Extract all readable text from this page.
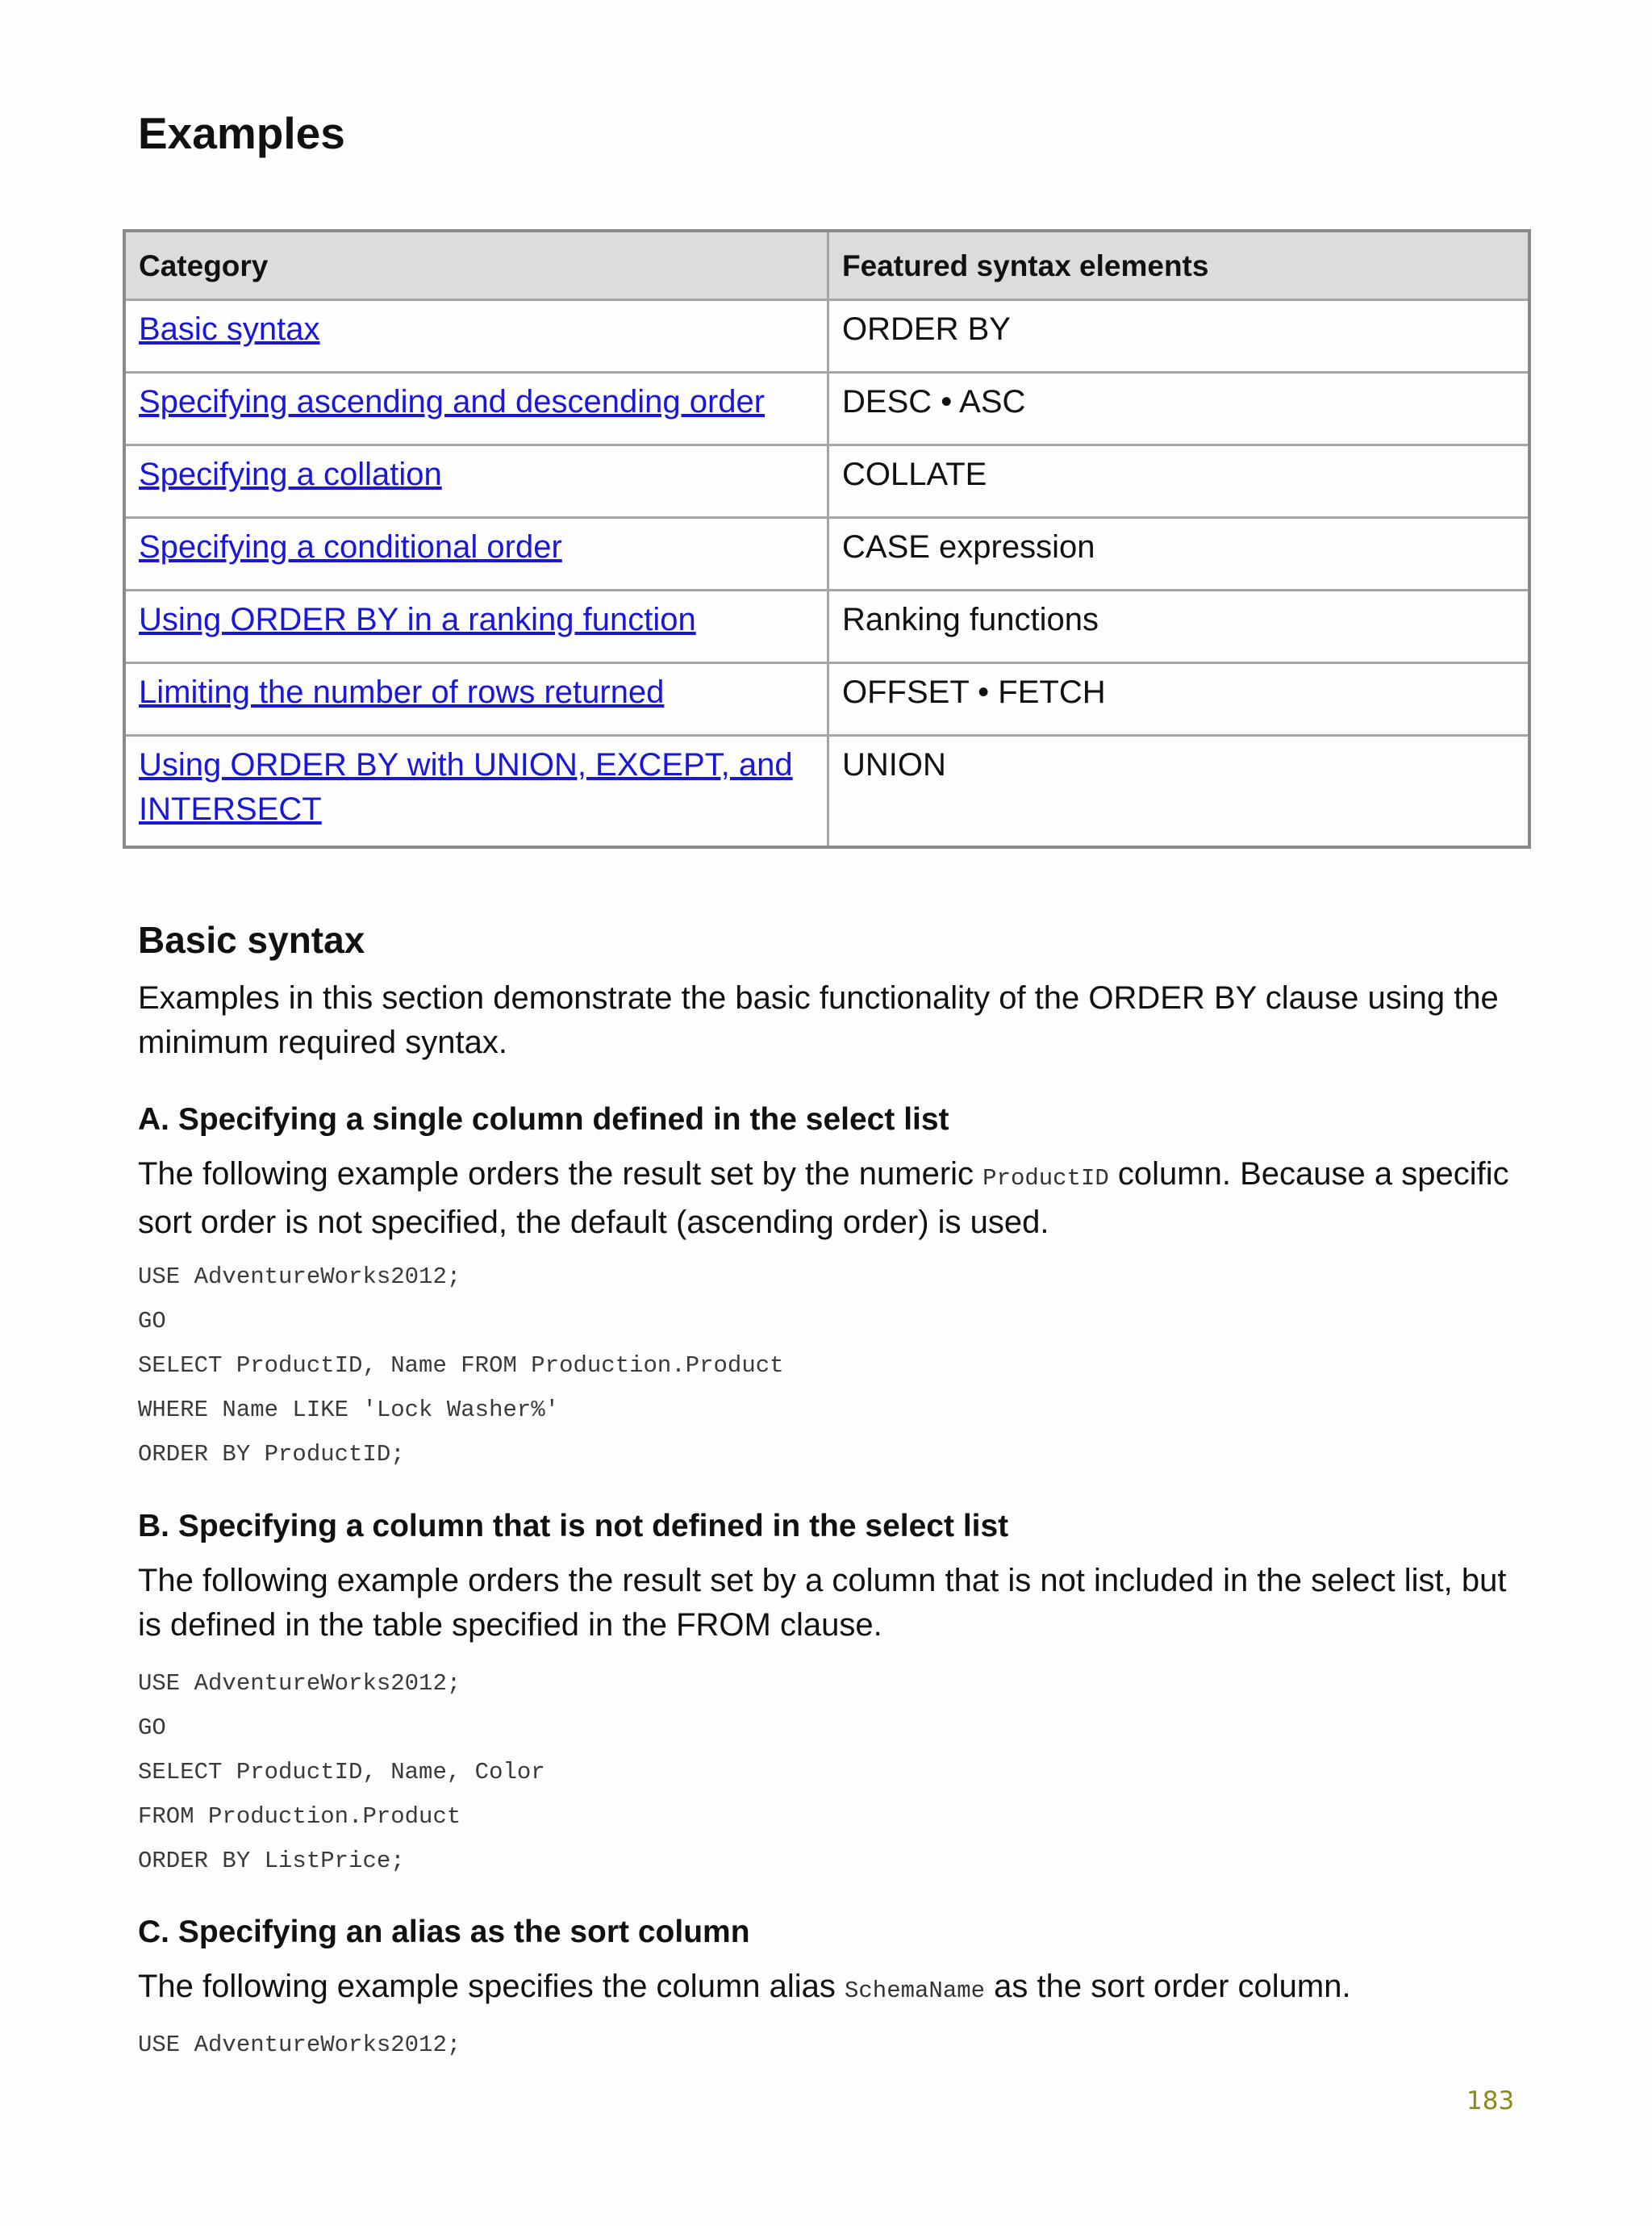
Examples
Category	Featured syntax elements
Basic syntax	ORDER BY
Specifying ascending and descending order	DESC • ASC
Specifying a collation	COLLATE
Specifying a conditional order	CASE expression
Using ORDER BY in a ranking function	Ranking functions
Limiting the number of rows returned	OFFSET • FETCH
Using ORDER BY with UNION, EXCEPT, and INTERSECT	UNION
Basic syntax

Examples in this section demonstrate the basic functionality of the ORDER BY clause using the minimum required syntax.

A. Specifying a single column defined in the select list

The following example orders the result set by the numeric ProductID column. Because a specific sort order is not specified, the default (ascending order) is used.

USE AdventureWorks2012;
GO
SELECT ProductID, Name FROM Production.Product
WHERE Name LIKE 'Lock Washer%'
ORDER BY ProductID;
B. Specifying a column that is not defined in the select list

The following example orders the result set by a column that is not included in the select list, but is defined in the table specified in the FROM clause.

USE AdventureWorks2012;
GO
SELECT ProductID, Name, Color
FROM Production.Product
ORDER BY ListPrice;
C. Specifying an alias as the sort column

The following example specifies the column alias SchemaName as the sort order column.

USE AdventureWorks2012;
183
